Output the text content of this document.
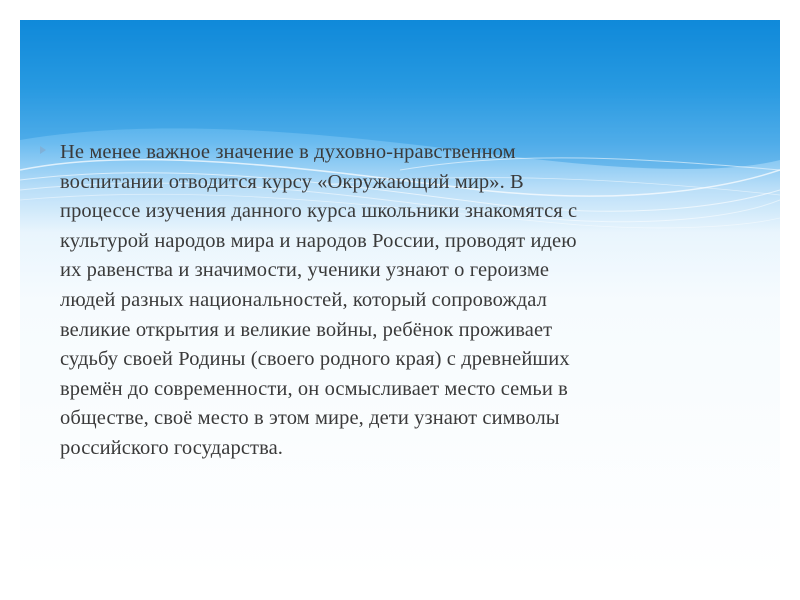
Не менее важное значение в духовно-нравственном
воспитании отводится курсу «Окружающий мир». В
процессе изучения данного курса школьники знакомятся с
культурой народов мира и народов России, проводят идею
их равенства и значимости, ученики узнают о героизме
людей разных национальностей, который сопровождал
великие открытия и великие войны, ребёнок проживает
судьбу своей Родины (своего родного края) с древнейших
времён до современности, он осмысливает место семьи в
обществе, своё место в этом мире, дети узнают символы
российского государства.
